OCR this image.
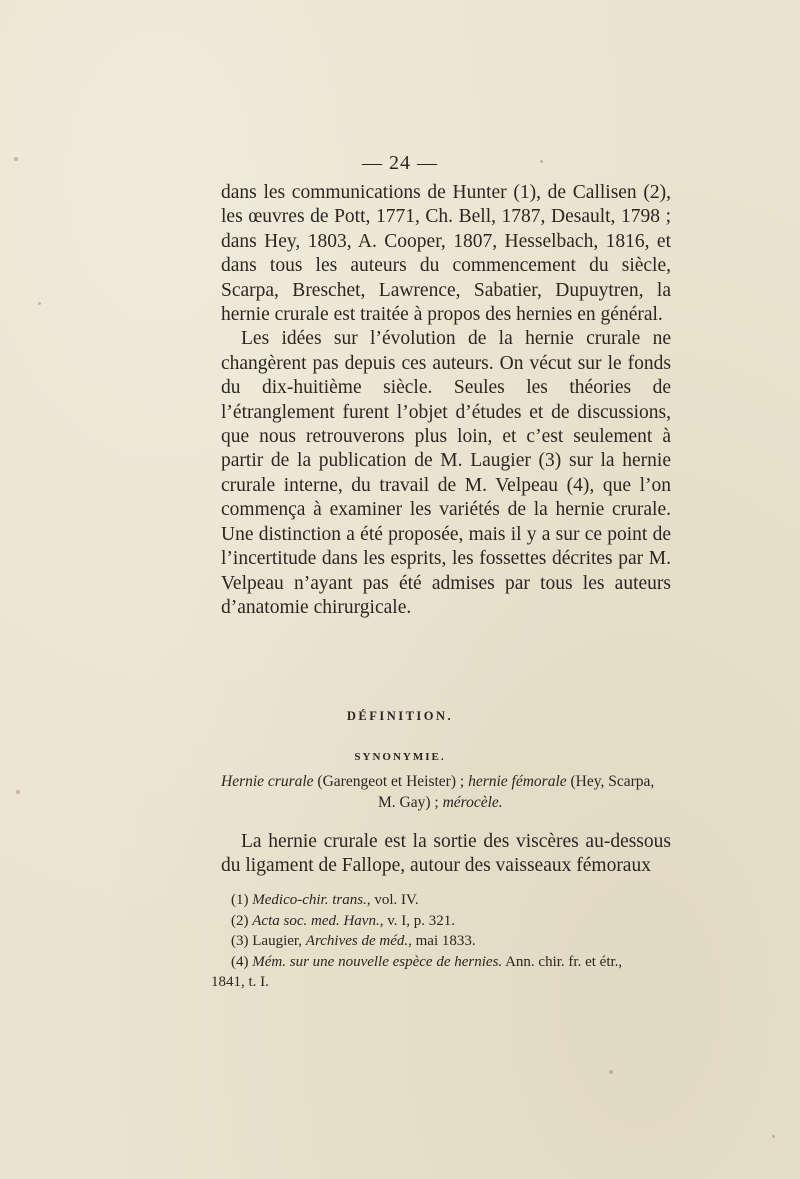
— 24 —

dans les communications de Hunter (1), de Callisen (2), les œuvres de Pott, 1771, Ch. Bell, 1787, Desault, 1798 ; dans Hey, 1803, A. Cooper, 1807, Hesselbach, 1816, et dans tous les auteurs du commencement du siècle, Scarpa, Breschet, Lawrence, Sabatier, Dupuytren, la hernie crurale est traitée à propos des hernies en général.

Les idées sur l’évolution de la hernie crurale ne changèrent pas depuis ces auteurs. On vécut sur le fonds du dix-huitième siècle. Seules les théories de l’étranglement furent l’objet d’études et de discussions, que nous retrouverons plus loin, et c’est seulement à partir de la publication de M. Laugier (3) sur la hernie crurale interne, du travail de M. Velpeau (4), que l’on commença à examiner les variétés de la hernie crurale. Une distinction a été proposée, mais il y a sur ce point de l’incertitude dans les esprits, les fossettes décrites par M. Velpeau n’ayant pas été admises par tous les auteurs d’anatomie chirurgicale.

DÉFINITION.
SYNONYMIE.
Hernie crurale (Garengeot et Heister) ; hernie fémorale (Hey, Scarpa,
M. Gay) ; mérocèle.

La hernie crurale est la sortie des viscères au-dessous du ligament de Fallope, autour des vaisseaux fémoraux

(1) Medico-chir. trans., vol. IV.
(2) Acta soc. med. Havn., v. I, p. 321.
(3) Laugier, Archives de méd., mai 1833.
(4) Mém. sur une nouvelle espèce de hernies. Ann. chir. fr. et étr.,
1841, t. I.
